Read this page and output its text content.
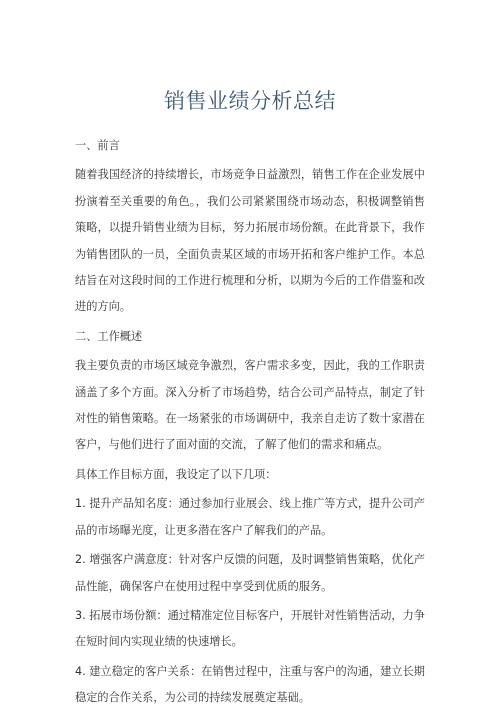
销售业绩分析总结

一、前言

随着我国经济的持续增长，市场竞争日益激烈，销售工作在企业发展中扮演着至关重要的角色。，我们公司紧紧围绕市场动态，积极调整销售策略，以提升销售业绩为目标，努力拓展市场份额。在此背景下，我作为销售团队的一员，全面负责某区域的市场开拓和客户维护工作。本总结旨在对这段时间的工作进行梳理和分析，以期为今后的工作借鉴和改进的方向。

二、工作概述

我主要负责的市场区域竞争激烈，客户需求多变，因此，我的工作职责涵盖了多个方面。深入分析了市场趋势，结合公司产品特点，制定了针对性的销售策略。在一场紧张的市场调研中，我亲自走访了数十家潜在客户，与他们进行了面对面的交流，了解了他们的需求和痛点。

具体工作目标方面，我设定了以下几项：

1. 提升产品知名度：通过参加行业展会、线上推广等方式，提升公司产品的市场曝光度，让更多潜在客户了解我们的产品。

2. 增强客户满意度：针对客户反馈的问题，及时调整销售策略，优化产品性能，确保客户在使用过程中享受到优质的服务。

3. 拓展市场份额：通过精准定位目标客户，开展针对性销售活动，力争在短时间内实现业绩的快速增长。

4. 建立稳定的客户关系：在销售过程中，注重与客户的沟通，建立长期稳定的合作关系，为公司的持续发展奠定基础。
